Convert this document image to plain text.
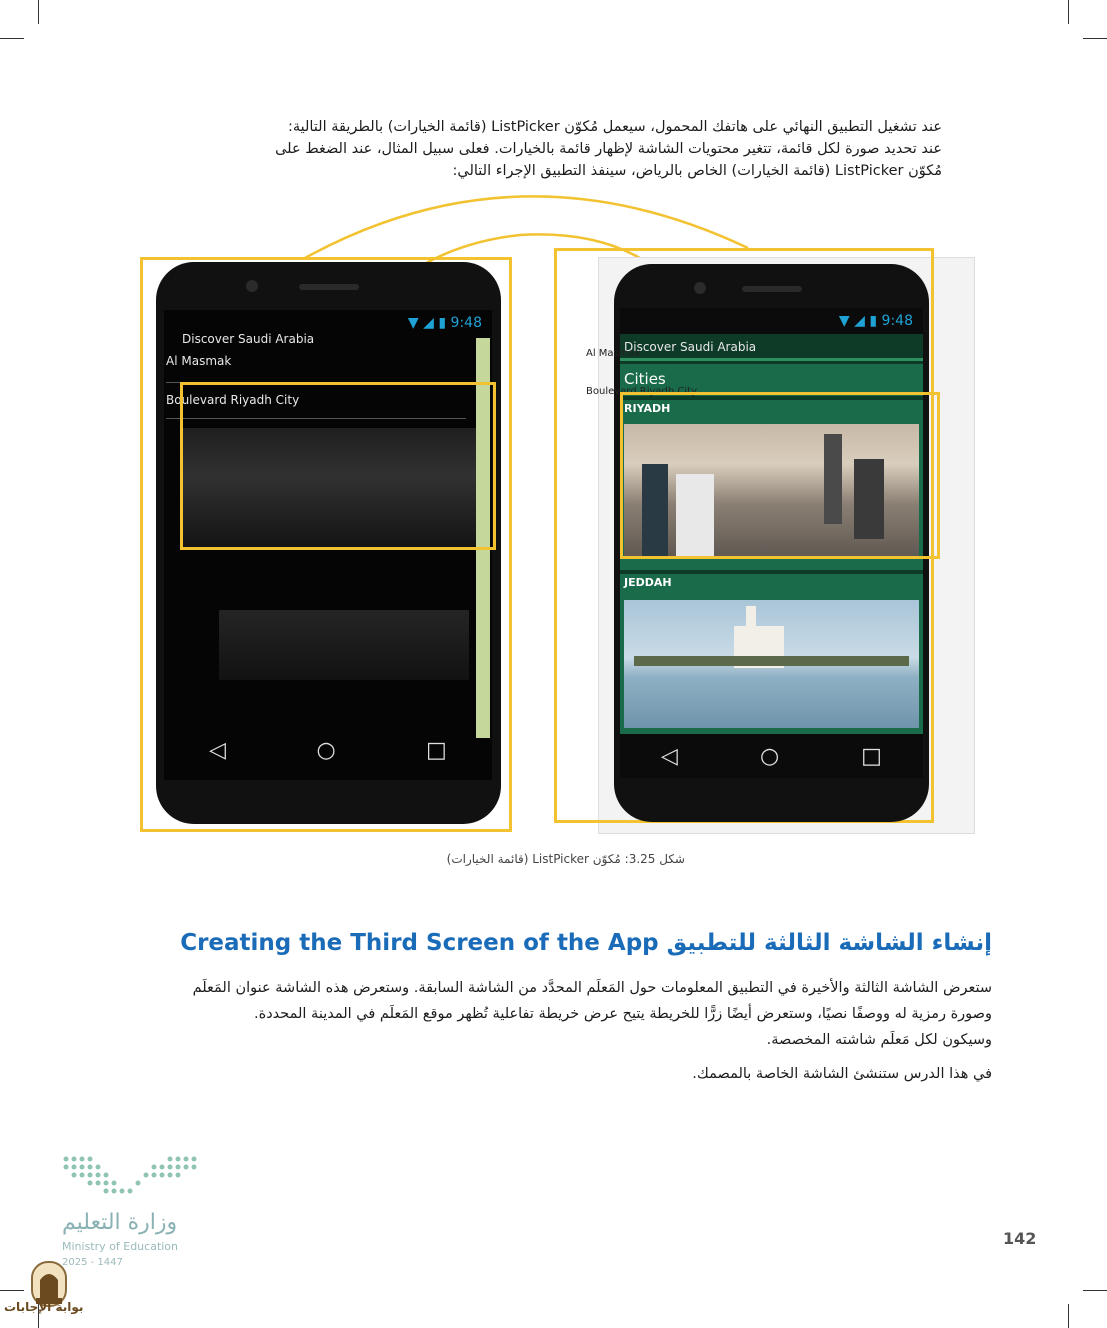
عند تشغيل التطبيق النهائي على هاتفك المحمول، سيعمل مُكوّن ListPicker (قائمة الخيارات) بالطريقة التالية:

عند تحديد صورة لكل قائمة، تتغير محتويات الشاشة لإظهار قائمة بالخيارات. فعلى سبيل المثال، عند الضغط على

مُكوّن ListPicker (قائمة الخيارات) الخاص بالرياض، سينفذ التطبيق الإجراء التالي:

▼ ◢ ▮ 9:48
Discover Saudi Arabia
Al Masmak
Boulevard Riyadh City
◁	○	□
▼ ◢ ▮ 9:48
Discover Saudi Arabia
Cities
RIYADH
JEDDAH
◁	○	□
Al Masmak
Boulevard Riyadh City
شكل 3.25: مُكوّن ListPicker (قائمة الخيارات)
Creating the Third Screen of the App إنشاء الشاشة الثالثة للتطبيق

ستعرض الشاشة الثالثة والأخيرة في التطبيق المعلومات حول المَعلَم المحدَّد من الشاشة السابقة. وستعرض هذه الشاشة عنوان المَعلَم

وصورة رمزية له ووصفًا نصيًا، وستعرض أيضًا زرًّا للخريطة يتيح عرض خريطة تفاعلية تُظهر موقع المَعلَم في المدينة المحددة.

وسيكون لكل مَعلَم شاشته المخصصة.

في هذا الدرس ستنشئ الشاشة الخاصة بالمصمك.

وزارة التعليم
Ministry of Education
2025 - 1447
142
بوابة الإجابات
